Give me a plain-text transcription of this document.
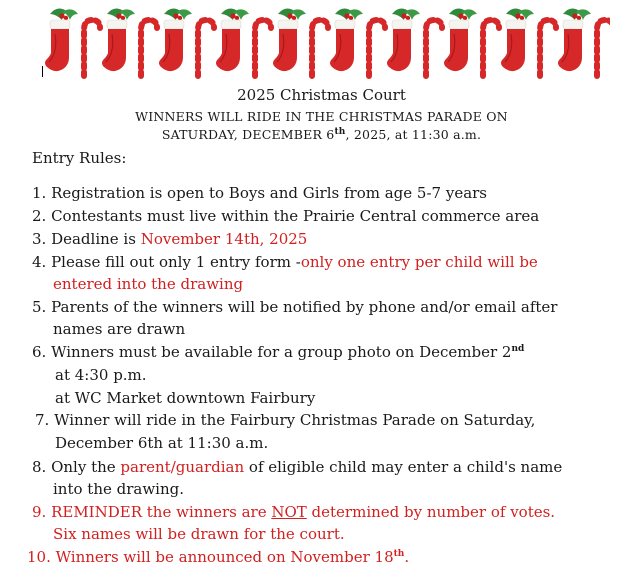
2025 Christmas Court
WINNERS WILL RIDE IN THE CHRISTMAS PARADE ON
SATURDAY, DECEMBER 6th, 2025, at 11:30 a.m.
Entry Rules:
1. Registration is open to Boys and Girls from age 5-7 years
2. Contestants must live within the Prairie Central commerce area
3. Deadline is November 14th, 2025
4. Please fill out only 1 entry form -only one entry per child will be
entered into the drawing
5. Parents of the winners will be notified by phone and/or email after
names are drawn
6. Winners must be available for a group photo on December 2nd
at 4:30 p.m.
at WC Market downtown Fairbury
7. Winner will ride in the Fairbury Christmas Parade on Saturday,
December 6th at 11:30 a.m.
8. Only the parent/guardian of eligible child may enter a child's name
into the drawing.
9. REMINDER the winners are NOT determined by number of votes.
Six names will be drawn for the court.
10. Winners will be announced on November 18th.
